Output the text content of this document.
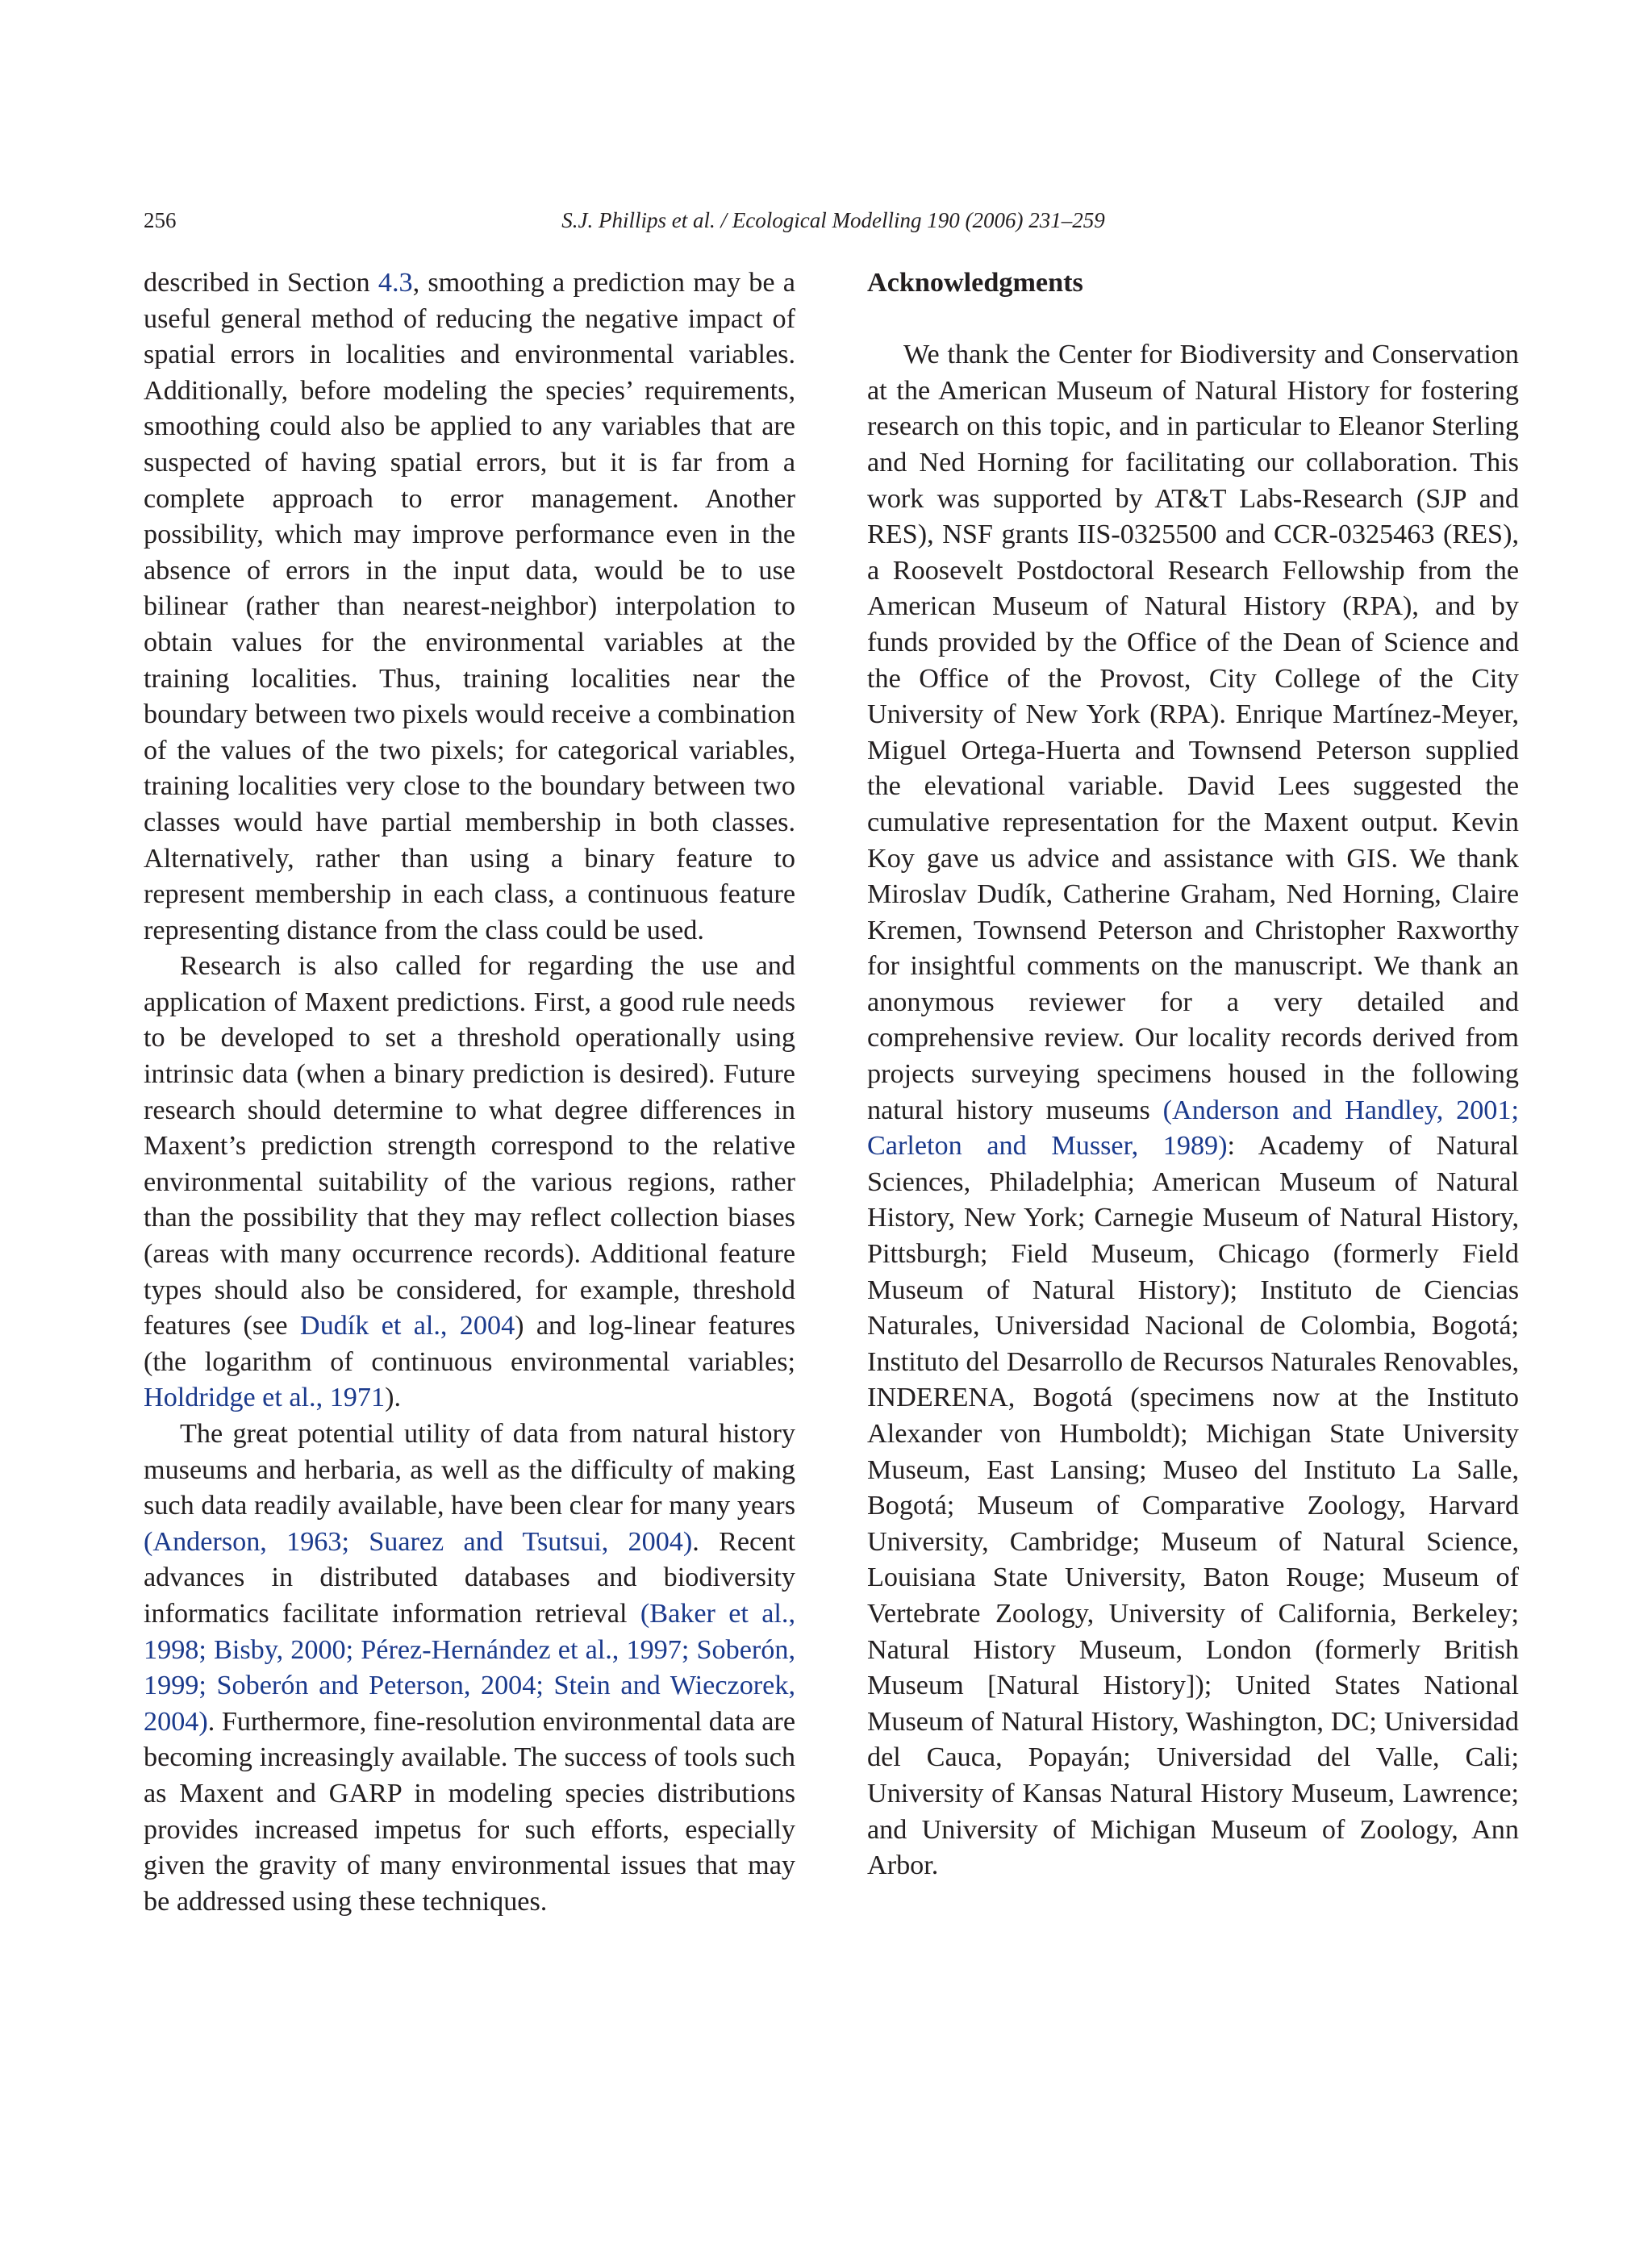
256	S.J. Phillips et al. / Ecological Modelling 190 (2006) 231–259

described in Section 4.3, smoothing a prediction may be a useful general method of reducing the negative impact of spatial errors in localities and environmental variables. Additionally, before modeling the species’ requirements, smoothing could also be applied to any variables that are suspected of having spatial errors, but it is far from a complete approach to error management. Another possibility, which may improve performance even in the absence of errors in the input data, would be to use bilinear (rather than nearest-neighbor) interpolation to obtain values for the environmental variables at the training localities. Thus, training localities near the boundary between two pixels would receive a combination of the values of the two pixels; for categorical variables, training localities very close to the boundary between two classes would have partial membership in both classes. Alternatively, rather than using a binary feature to represent membership in each class, a continuous feature representing distance from the class could be used.

Research is also called for regarding the use and application of Maxent predictions. First, a good rule needs to be developed to set a threshold operationally using intrinsic data (when a binary prediction is desired). Future research should determine to what degree differences in Maxent’s prediction strength correspond to the relative environmental suitability of the various regions, rather than the possibility that they may reflect collection biases (areas with many occurrence records). Additional feature types should also be considered, for example, threshold features (see Dudík et al., 2004) and log-linear features (the logarithm of continuous environmental variables; Holdridge et al., 1971).

The great potential utility of data from natural history museums and herbaria, as well as the difficulty of making such data readily available, have been clear for many years (Anderson, 1963; Suarez and Tsutsui, 2004). Recent advances in distributed databases and biodiversity informatics facilitate information retrieval (Baker et al., 1998; Bisby, 2000; Pérez-Hernández et al., 1997; Soberón, 1999; Soberón and Peterson, 2004; Stein and Wieczorek, 2004). Furthermore, fine-resolution environmental data are becoming increasingly available. The success of tools such as Maxent and GARP in modeling species distributions provides increased impetus for such efforts, especially given the gravity of many environmental issues that may be addressed using these techniques.

Acknowledgments

We thank the Center for Biodiversity and Conservation at the American Museum of Natural History for fostering research on this topic, and in particular to Eleanor Sterling and Ned Horning for facilitating our collaboration. This work was supported by AT&T Labs-Research (SJP and RES), NSF grants IIS-0325500 and CCR-0325463 (RES), a Roosevelt Postdoctoral Research Fellowship from the American Museum of Natural History (RPA), and by funds provided by the Office of the Dean of Science and the Office of the Provost, City College of the City University of New York (RPA). Enrique Martínez-Meyer, Miguel Ortega-Huerta and Townsend Peterson supplied the elevational variable. David Lees suggested the cumulative representation for the Maxent output. Kevin Koy gave us advice and assistance with GIS. We thank Miroslav Dudík, Catherine Graham, Ned Horning, Claire Kremen, Townsend Peterson and Christopher Raxworthy for insightful comments on the manuscript. We thank an anonymous reviewer for a very detailed and comprehensive review. Our locality records derived from projects surveying specimens housed in the following natural history museums (Anderson and Handley, 2001; Carleton and Musser, 1989): Academy of Natural Sciences, Philadelphia; American Museum of Natural History, New York; Carnegie Museum of Natural History, Pittsburgh; Field Museum, Chicago (formerly Field Museum of Natural History); Instituto de Ciencias Naturales, Universidad Nacional de Colombia, Bogotá; Instituto del Desarrollo de Recursos Naturales Renovables, INDERENA, Bogotá (specimens now at the Instituto Alexander von Humboldt); Michigan State University Museum, East Lansing; Museo del Instituto La Salle, Bogotá; Museum of Comparative Zoology, Harvard University, Cambridge; Museum of Natural Science, Louisiana State University, Baton Rouge; Museum of Vertebrate Zoology, University of California, Berkeley; Natural History Museum, London (formerly British Museum [Natural History]); United States National Museum of Natural History, Washington, DC; Universidad del Cauca, Popayán; Universidad del Valle, Cali; University of Kansas Natural History Museum, Lawrence; and University of Michigan Museum of Zoology, Ann Arbor.
